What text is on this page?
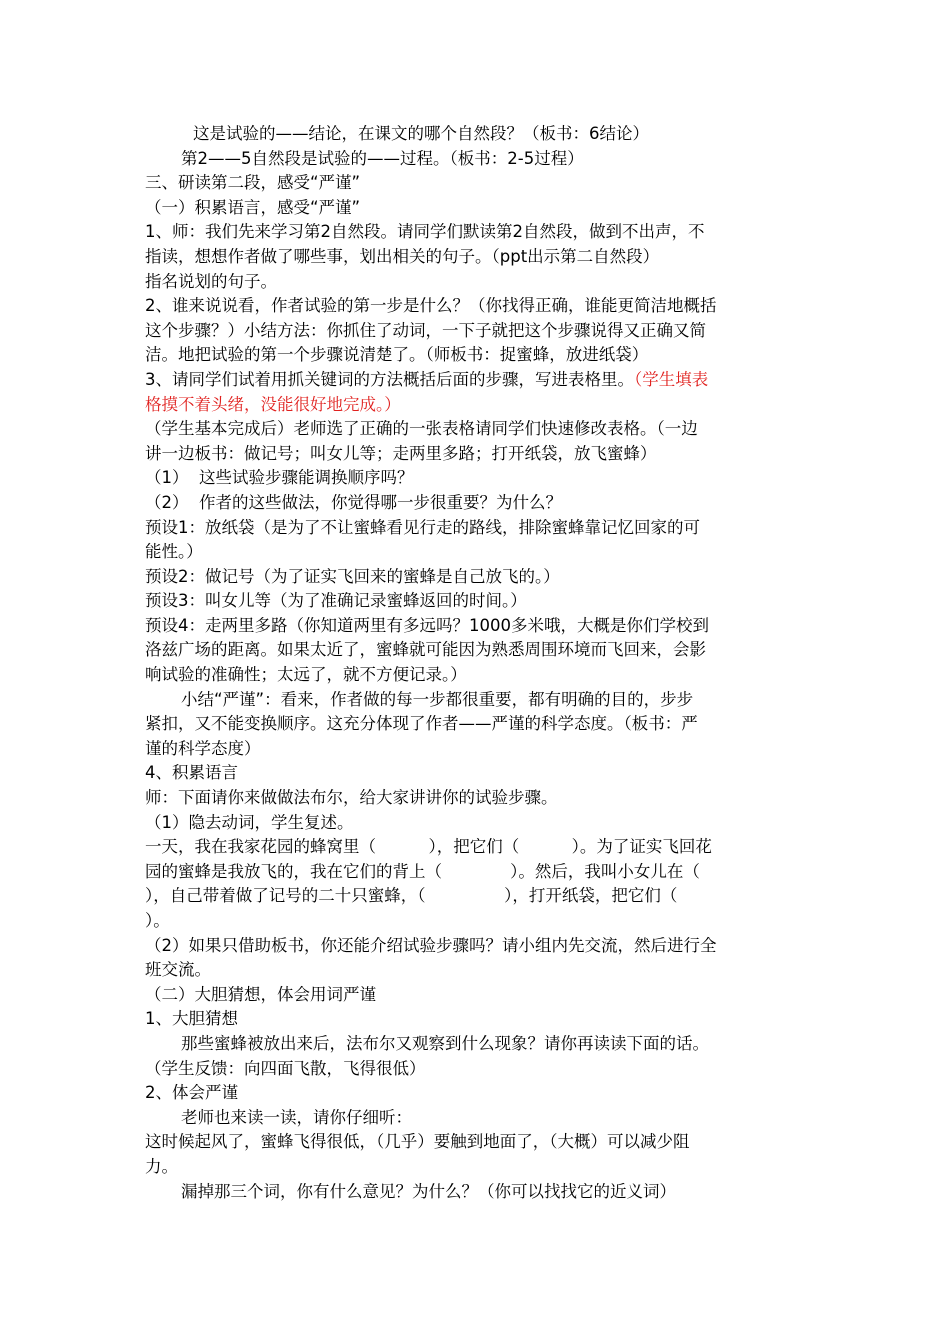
这是试验的——结论，在课文的哪个自然段？（板书：6结论）
第2——5自然段是试验的——过程。（板书：2-5过程）
三、研读第二段，感受“严谨”
（一）积累语言，感受“严谨”
1、师：我们先来学习第2自然段。请同学们默读第2自然段，做到不出声，不
指读，想想作者做了哪些事，划出相关的句子。（ppt出示第二自然段）
指名说划的句子。
2、谁来说说看，作者试验的第一步是什么？（你找得正确，谁能更简洁地概括
这个步骤？）小结方法：你抓住了动词，一下子就把这个步骤说得又正确又简
洁。地把试验的第一个步骤说清楚了。（师板书：捉蜜蜂，放进纸袋）
3、请同学们试着用抓关键词的方法概括后面的步骤，写进表格里。（学生填表
格摸不着头绪，没能很好地完成。）
（学生基本完成后）老师选了正确的一张表格请同学们快速修改表格。（一边
讲一边板书：做记号；叫女儿等；走两里多路；打开纸袋，放飞蜜蜂）
（1）  这些试验步骤能调换顺序吗？
（2）  作者的这些做法，你觉得哪一步很重要？为什么？
预设1：放纸袋（是为了不让蜜蜂看见行走的路线，排除蜜蜂靠记忆回家的可
能性。）
预设2：做记号（为了证实飞回来的蜜蜂是自己放飞的。）
预设3：叫女儿等（为了准确记录蜜蜂返回的时间。）
预设4：走两里多路（你知道两里有多远吗？1000多米哦，大概是你们学校到
洛兹广场的距离。如果太近了，蜜蜂就可能因为熟悉周围环境而飞回来，会影
响试验的准确性；太远了，就不方便记录。）
小结“严谨”：看来，作者做的每一步都很重要，都有明确的目的，步步
紧扣，又不能变换顺序。这充分体现了作者——严谨的科学态度。（板书：严
谨的科学态度）
4、积累语言
师：下面请你来做做法布尔，给大家讲讲你的试验步骤。
（1）隐去动词，学生复述。
一天，我在我家花园的蜂窝里（          ），把它们（          ）。为了证实飞回花
园的蜜蜂是我放飞的，我在它们的背上（             ）。然后，我叫小女儿在（
），自己带着做了记号的二十只蜜蜂，（               ），打开纸袋，把它们（
）。
（2）如果只借助板书，你还能介绍试验步骤吗？请小组内先交流，然后进行全
班交流。
（二）大胆猜想，体会用词严谨
1、大胆猜想
那些蜜蜂被放出来后，法布尔又观察到什么现象？请你再读读下面的话。
（学生反馈：向四面飞散，飞得很低）
2、体会严谨
老师也来读一读，请你仔细听：
这时候起风了，蜜蜂飞得很低，（几乎）要触到地面了，（大概）可以减少阻
力。
漏掉那三个词，你有什么意见？为什么？（你可以找找它的近义词）
